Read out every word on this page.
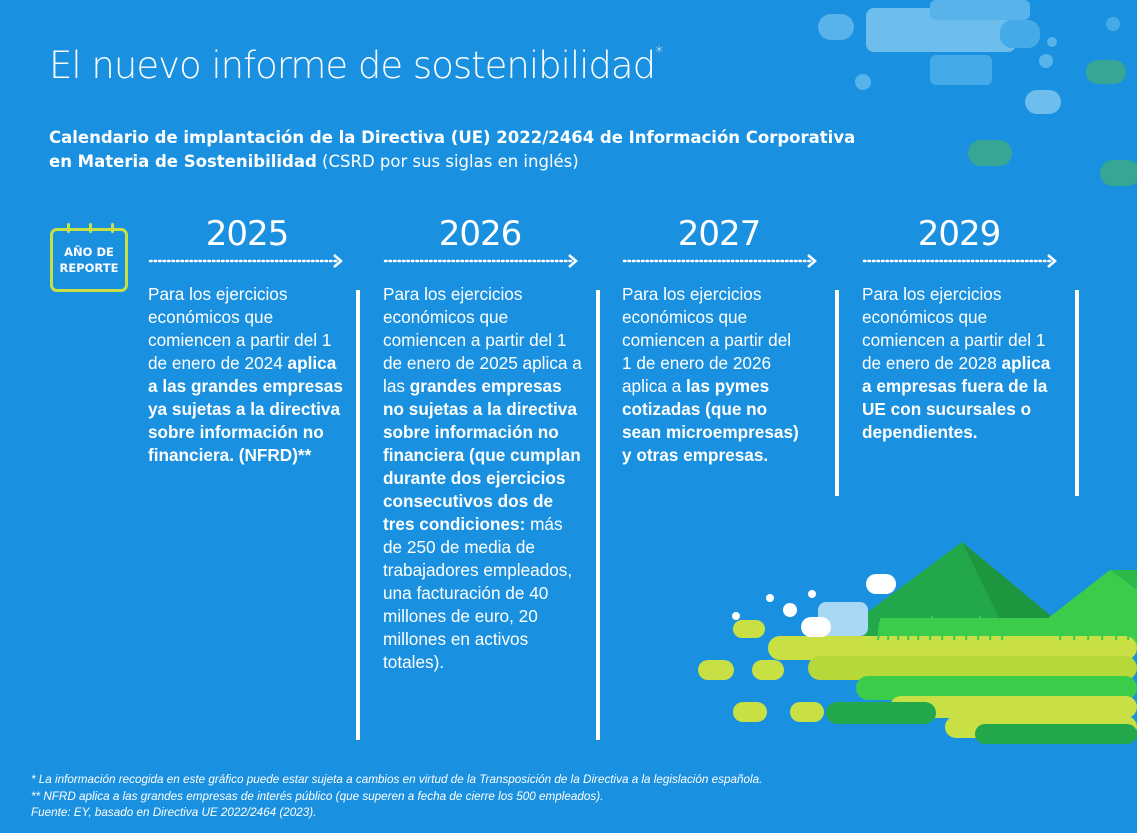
El nuevo informe de sostenibilidad*

Calendario de implantación de la Directiva (UE) 2022/2464 de Información Corporativa en Materia de Sostenibilidad (CSRD por sus siglas en inglés)

AÑO DE
REPORTE
2025
Para los ejercicios económicos que comiencen a partir del 1 de enero de 2024 aplica a las grandes empresas ya sujetas a la directiva sobre información no financiera. (NFRD)**
2026
Para los ejercicios económicos que comiencen a partir del 1 de enero de 2025 aplica a las grandes empresas no sujetas a la directiva sobre información no financiera (que cumplan durante dos ejercicios consecutivos dos de tres condiciones: más de 250 de media de trabajadores empleados, una facturación de 40 millones de euro, 20 millones en activos totales).
2027
Para los ejercicios económicos que comiencen a partir del 1 de enero de 2026 aplica a las pymes cotizadas (que no sean microempresas) y otras empresas.
2029
Para los ejercicios económicos que comiencen a partir del 1 de enero de 2028 aplica a empresas fuera de la UE con sucursales o dependientes.
* La información recogida en este gráfico puede estar sujeta a cambios en virtud de la Transposición de la Directiva a la legislación española.
** NFRD aplica a las grandes empresas de interés público (que superen a fecha de cierre los 500 empleados).
Fuente: EY, basado en Directiva UE 2022/2464 (2023).
